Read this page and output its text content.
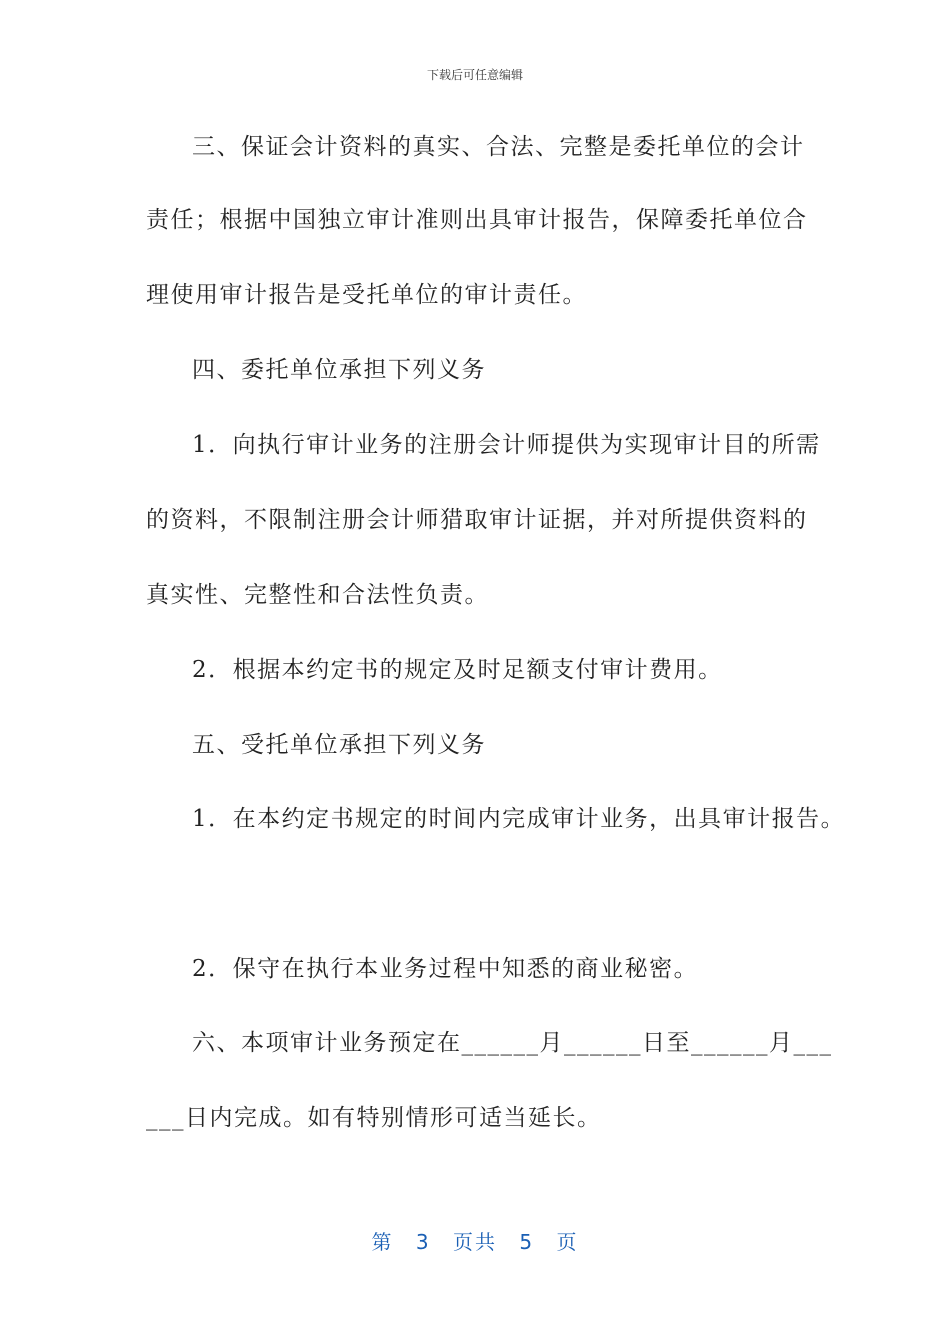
下载后可任意编辑
三、保证会计资料的真实、合法、完整是委托单位的会计
责任；根据中国独立审计准则出具审计报告，保障委托单位合
理使用审计报告是受托单位的审计责任。
四、委托单位承担下列义务
1．向执行审计业务的注册会计师提供为实现审计目的所需
的资料，不限制注册会计师猎取审计证据，并对所提供资料的
真实性、完整性和合法性负责。
2．根据本约定书的规定及时足额支付审计费用。
五、受托单位承担下列义务
1．在本约定书规定的时间内完成审计业务，出具审计报告。
2．保守在执行本业务过程中知悉的商业秘密。
六、本项审计业务预定在______月______日至______月___
___日内完成。如有特别情形可适当延长。
第 3 页共 5 页
